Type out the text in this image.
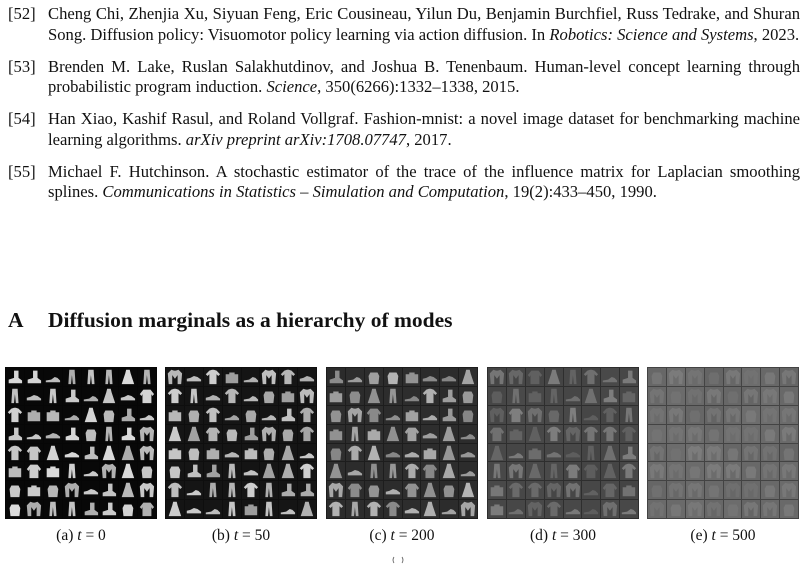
[52] Cheng Chi, Zhenjia Xu, Siyuan Feng, Eric Cousineau, Yilun Du, Benjamin Burchfiel, Russ Tedrake, and Shuran Song. Diffusion policy: Visuomotor policy learning via action diffusion. In Robotics: Science and Systems, 2023.
[53] Brenden M. Lake, Ruslan Salakhutdinov, and Joshua B. Tenenbaum. Human-level concept learning through probabilistic program induction. Science, 350(6266):1332–1338, 2015.
[54] Han Xiao, Kashif Rasul, and Roland Vollgraf. Fashion-mnist: a novel image dataset for benchmarking machine learning algorithms. arXiv preprint arXiv:1708.07747, 2017.
[55] Michael F. Hutchinson. A stochastic estimator of the trace of the influence matrix for Laplacian smoothing splines. Communications in Statistics – Simulation and Computation, 19(2):433–450, 1990.
A Diffusion marginals as a hierarchy of modes
(a) t = 0	(b) t = 50	(c) t = 200	(d) t = 300	(e) t = 500
